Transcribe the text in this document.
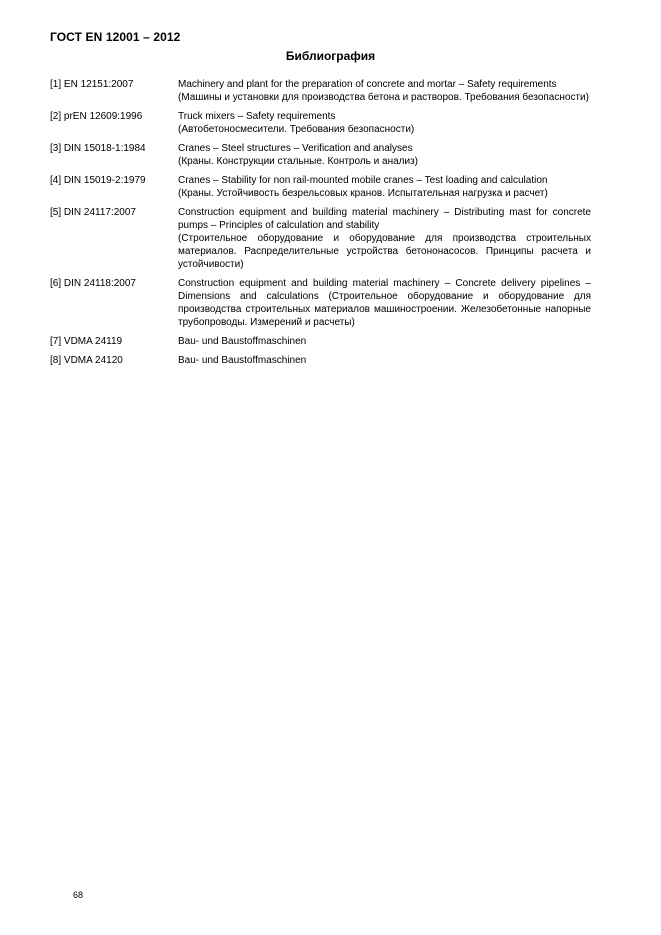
ГОСТ EN 12001 – 2012
Библиография
[1] EN 12151:2007	Machinery and plant for the preparation of concrete and mortar – Safety requirements
(Машины и установки для производства бетона и растворов. Требования безопасности)
[2] prEN 12609:1996	Truck mixers – Safety requirements
(Автобетоносмесители. Требования безопасности)
[3] DIN 15018-1:1984	Cranes – Steel structures – Verification and analyses
(Краны. Конструкции стальные. Контроль и анализ)
[4] DIN 15019-2:1979	Cranes – Stability for non rail-mounted mobile cranes – Test loading and calculation
(Краны. Устойчивость безрельсовых кранов. Испытательная нагрузка и расчет)
[5] DIN 24117:2007	Construction equipment and building material machinery – Distributing mast for concrete pumps – Principles of calculation and stability
(Строительное оборудование и оборудование для производства строительных материалов. Распределительные устройства бетононасосов. Принципы расчета и устойчивости)
[6] DIN 24118:2007	Construction equipment and building material machinery – Concrete delivery pipelines – Dimensions and calculations (Строительное оборудование и оборудование для производства строительных материалов машиностроении. Железобетонные напорные трубопроводы. Измерений и расчеты)
[7] VDMA 24119	Bau- und Baustoffmaschinen
[8] VDMA 24120	Bau- und Baustoffmaschinen
68
